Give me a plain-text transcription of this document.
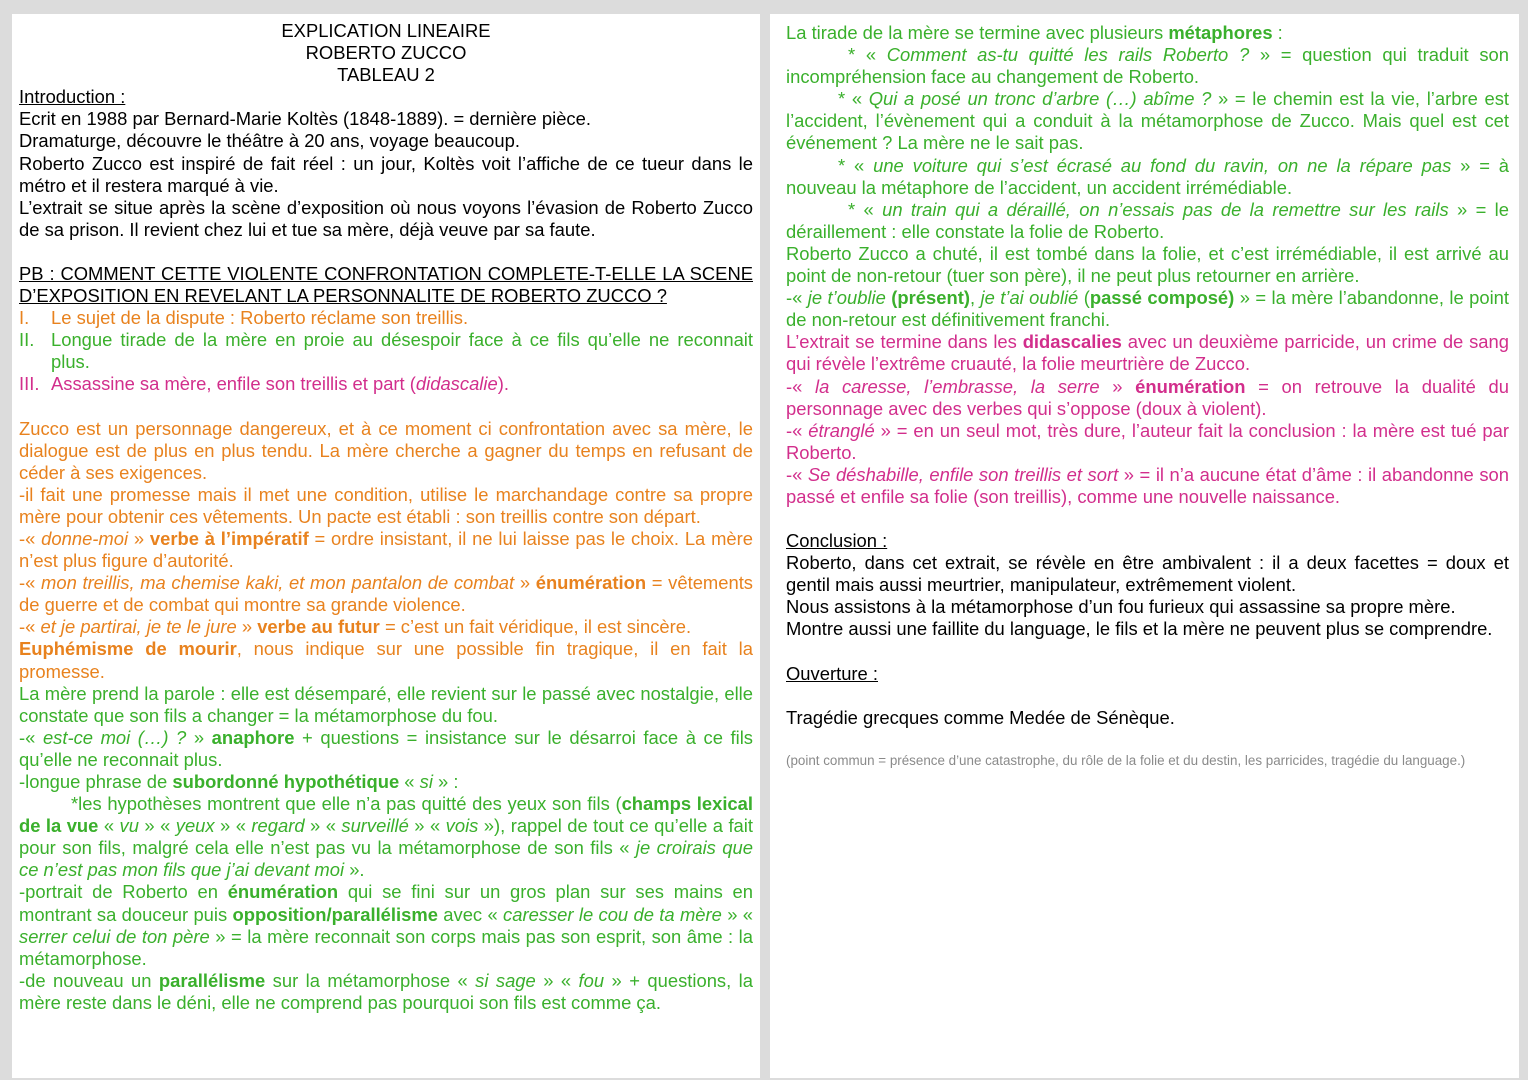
EXPLICATION LINEAIRE

ROBERTO ZUCCO

TABLEAU 2

Introduction :

Ecrit en 1988 par Bernard-Marie Koltès (1848-1889). = dernière pièce.

Dramaturge, découvre le théâtre à 20 ans, voyage beaucoup.

Roberto Zucco est inspiré de fait réel : un jour, Koltès voit l’affiche de ce tueur dans le métro et il restera marqué à vie.

L’extrait se situe après la scène d’exposition où nous voyons l’évasion de Roberto Zucco de sa prison. Il revient chez lui et tue sa mère, déjà veuve par sa faute.

PB : COMMENT CETTE VIOLENTE CONFRONTATION COMPLETE-T-ELLE LA SCENE D’EXPOSITION EN REVELANT LA PERSONNALITE DE ROBERTO ZUCCO ?

I.	Le sujet de la dispute : Roberto réclame son treillis.
II. Longue tirade de la mère en proie au désespoir face à ce fils qu’elle ne reconnait plus.
III. Assassine sa mère, enfile son treillis et part (didascalie).

Zucco est un personnage dangereux, et à ce moment ci confrontation avec sa mère, le dialogue est de plus en plus tendu. La mère cherche a gagner du temps en refusant de céder à ses exigences.

-il fait une promesse mais il met une condition, utilise le marchandage contre sa propre mère pour obtenir ces vêtements. Un pacte est établi : son treillis contre son départ.

-« donne-moi » verbe à l’impératif = ordre insistant, il ne lui laisse pas le choix. La mère n’est plus figure d’autorité.

-« mon treillis, ma chemise kaki, et mon pantalon de combat » énumération = vêtements de guerre et de combat qui montre sa grande violence.

-« et je partirai, je te le jure » verbe au futur = c’est un fait véridique, il est sincère.

Euphémisme de mourir, nous indique sur une possible fin tragique, il en fait la promesse.

La mère prend la parole : elle est désemparé, elle revient sur le passé avec nostalgie, elle constate que son fils a changer = la métamorphose du fou.

-« est-ce moi (…) ? » anaphore + questions = insistance sur le désarroi face à ce fils qu’elle ne reconnait plus.

-longue phrase de subordonné hypothétique « si » :

*les hypothèses montrent que elle n’a pas quitté des yeux son fils (champs lexical de la vue « vu » « yeux » « regard » « surveillé » « vois »), rappel de tout ce qu’elle a fait pour son fils, malgré cela elle n’est pas vu la métamorphose de son fils « je croirais que ce n’est pas mon fils que j’ai devant moi ».

-portrait de Roberto en énumération qui se fini sur un gros plan sur ses mains en montrant sa douceur puis opposition/parallélisme avec « caresser le cou de ta mère » « serrer celui de ton père » = la mère reconnait son corps mais pas son esprit, son âme : la métamorphose.

-de nouveau un parallélisme sur la métamorphose « si sage » « fou » + questions, la mère reste dans le déni, elle ne comprend pas pourquoi son fils est comme ça.

La tirade de la mère se termine avec plusieurs métaphores :

* « Comment as-tu quitté les rails Roberto ? » = question qui traduit son incompréhension face au changement de Roberto.

* « Qui a posé un tronc d’arbre (…) abîme ? » = le chemin est la vie, l’arbre est l’accident, l’évènement qui a conduit à la métamorphose de Zucco. Mais quel est cet événement ? La mère ne le sait pas.

* « une voiture qui s’est écrasé au fond du ravin, on ne la répare pas » = à nouveau la métaphore de l’accident, un accident irrémédiable.

* « un train qui a déraillé, on n’essais pas de la remettre sur les rails » = le déraillement : elle constate la folie de Roberto.

Roberto Zucco a chuté, il est tombé dans la folie, et c’est irrémédiable, il est arrivé au point de non-retour (tuer son père), il ne peut plus retourner en arrière.

-« je t’oublie (présent), je t’ai oublié (passé composé) » = la mère l’abandonne, le point de non-retour est définitivement franchi.

L’extrait se termine dans les didascalies avec un deuxième parricide, un crime de sang qui révèle l’extrême cruauté, la folie meurtrière de Zucco.

-« la caresse, l’embrasse, la serre » énumération = on retrouve la dualité du personnage avec des verbes qui s’oppose (doux à violent).

-« étranglé » = en un seul mot, très dure, l’auteur fait la conclusion : la mère est tué par Roberto.

-« Se déshabille, enfile son treillis et sort » = il n’a aucune état d’âme : il abandonne son passé et enfile sa folie (son treillis), comme une nouvelle naissance.

Conclusion :

Roberto, dans cet extrait, se révèle en être ambivalent : il a deux facettes = doux et gentil mais aussi meurtrier, manipulateur, extrêmement violent.

Nous assistons à la métamorphose d’un fou furieux qui assassine sa propre mère.

Montre aussi une faillite du language, le fils et la mère ne peuvent plus se comprendre.

Ouverture :

Tragédie grecques comme Medée de Sénèque.

(point commun = présence d’une catastrophe, du rôle de la folie et du destin, les parricides, tragédie du language.)
